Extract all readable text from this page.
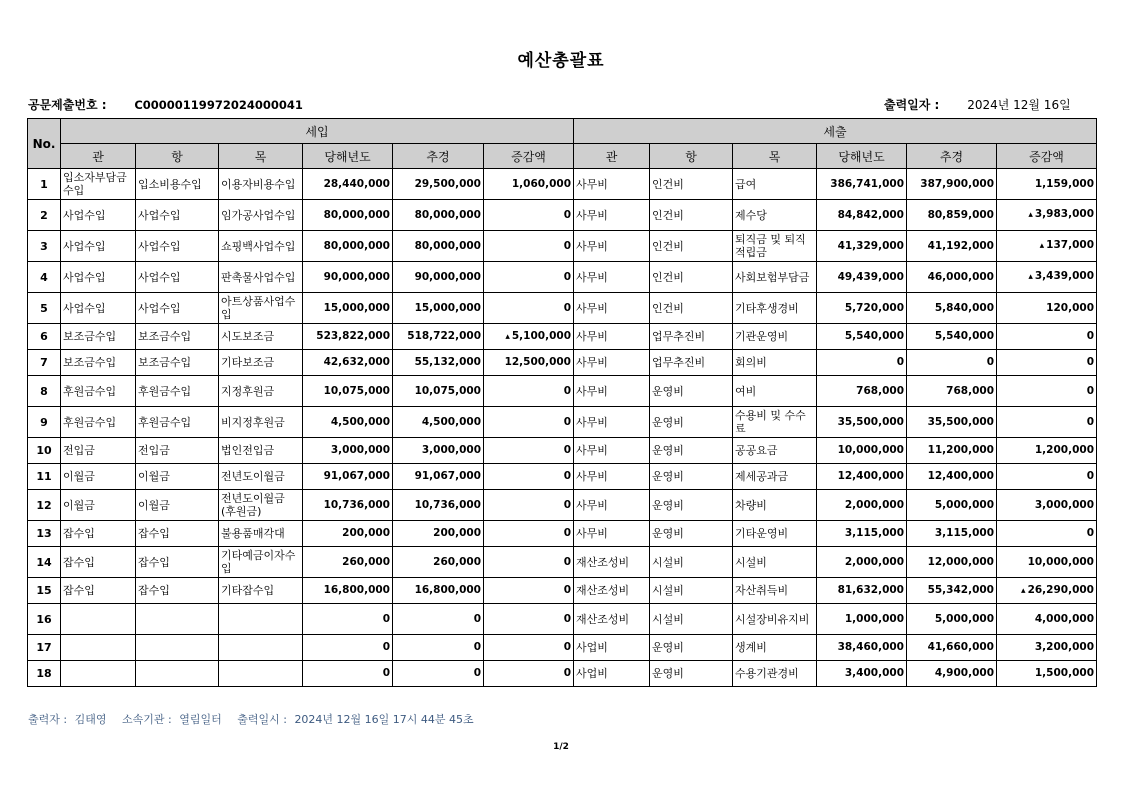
예산총괄표
공문제출번호 : C00000119972024000041	출력일자 : 2024년 12월 16일
No.	세입						세출					
	관	항	목	당해년도	추경	증감액	관	항	목	당해년도	추경	증감액
1	입소자부담금수입	입소비용수입	이용자비용수입	28,440,000	29,500,000	1,060,000	사무비	인건비	급여	386,741,000	387,900,000	1,159,000
2	사업수입	사업수입	임가공사업수입	80,000,000	80,000,000	0	사무비	인건비	제수당	84,842,000	80,859,000	▴ 3,983,000
3	사업수입	사업수입	쇼핑백사업수입	80,000,000	80,000,000	0	사무비	인건비	퇴직금 및 퇴직적립금	41,329,000	41,192,000	▴ 137,000
4	사업수입	사업수입	판촉물사업수입	90,000,000	90,000,000	0	사무비	인건비	사회보험부담금	49,439,000	46,000,000	▴ 3,439,000
5	사업수입	사업수입	아트상품사업수입	15,000,000	15,000,000	0	사무비	인건비	기타후생경비	5,720,000	5,840,000	120,000
6	보조금수입	보조금수입	시도보조금	523,822,000	518,722,000	▴ 5,100,000	사무비	업무추진비	기관운영비	5,540,000	5,540,000	0
7	보조금수입	보조금수입	기타보조금	42,632,000	55,132,000	12,500,000	사무비	업무추진비	회의비	0	0	0
8	후원금수입	후원금수입	지정후원금	10,075,000	10,075,000	0	사무비	운영비	여비	768,000	768,000	0
9	후원금수입	후원금수입	비지정후원금	4,500,000	4,500,000	0	사무비	운영비	수용비 및 수수료	35,500,000	35,500,000	0
10	전입금	전입금	법인전입금	3,000,000	3,000,000	0	사무비	운영비	공공요금	10,000,000	11,200,000	1,200,000
11	이월금	이월금	전년도이월금	91,067,000	91,067,000	0	사무비	운영비	제세공과금	12,400,000	12,400,000	0
12	이월금	이월금	전년도이월금(후원금)	10,736,000	10,736,000	0	사무비	운영비	차량비	2,000,000	5,000,000	3,000,000
13	잡수입	잡수입	불용품매각대	200,000	200,000	0	사무비	운영비	기타운영비	3,115,000	3,115,000	0
14	잡수입	잡수입	기타예금이자수입	260,000	260,000	0	재산조성비	시설비	시설비	2,000,000	12,000,000	10,000,000
15	잡수입	잡수입	기타잡수입	16,800,000	16,800,000	0	재산조성비	시설비	자산취득비	81,632,000	55,342,000	▴ 26,290,000
16				0	0	0	재산조성비	시설비	시설장비유지비	1,000,000	5,000,000	4,000,000
17				0	0	0	사업비	운영비	생계비	38,460,000	41,660,000	3,200,000
18				0	0	0	사업비	운영비	수용기관경비	3,400,000	4,900,000	1,500,000
출력자 : 김태영 소속기관 : 열림일터 출력일시 : 2024년 12월 16일 17시 44분 45초
1/2
